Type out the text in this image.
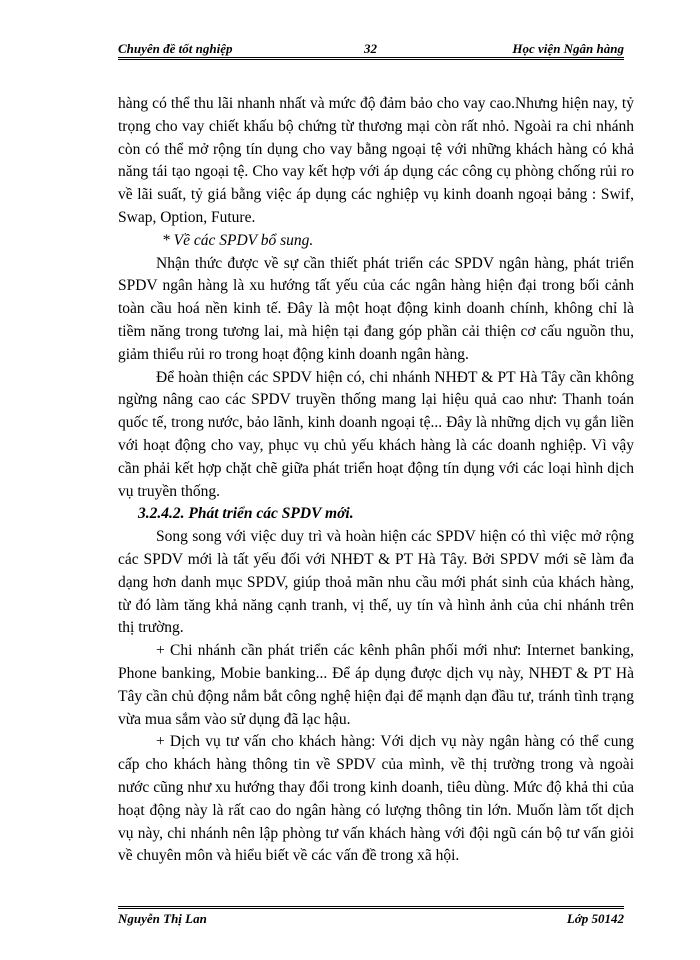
Chuyên đề tốt nghiệp	32	Học viện Ngân hàng

hàng có thể thu lãi nhanh nhất và mức độ đảm bảo cho vay cao.Nhưng hiện nay, tỷ trọng cho vay chiết khấu bộ chứng từ thương mại còn rất nhỏ. Ngoài ra chi nhánh còn có thể mở rộng tín dụng cho vay bằng ngoại tệ với những khách hàng có khả năng tái tạo ngoại tệ. Cho vay kết hợp với áp dụng các công cụ phòng chống rủi ro về lãi suất, tỷ giá bằng việc áp dụng các nghiệp vụ kinh doanh ngoại bảng : Swif, Swap, Option, Future.

* Về các SPDV bổ sung.

Nhận thức được về sự cần thiết phát triển các SPDV ngân hàng, phát triển SPDV ngân hàng là xu hướng tất yếu của các ngân hàng hiện đại trong bối cảnh toàn cầu hoá nền kinh tế. Đây là một hoạt động kinh doanh chính, không chỉ là tiềm năng trong tương lai, mà hiện tại đang góp phần cải thiện cơ cấu nguồn thu, giảm thiểu rủi ro trong hoạt động kinh doanh ngân hàng.

Để hoàn thiện các SPDV hiện có, chi nhánh NHĐT & PT Hà Tây cần không ngừng nâng cao các SPDV truyền thống mang lại hiệu quả cao như: Thanh toán quốc tế, trong nước, bảo lãnh, kinh doanh ngoại tệ... Đây là những dịch vụ gắn liền với hoạt động cho vay, phục vụ chủ yếu khách hàng là các doanh nghiệp. Vì vậy cần phải kết hợp chặt chẽ giữa phát triển hoạt động tín dụng với các loại hình dịch vụ truyền thống.

3.2.4.2. Phát triển các SPDV mới.

Song song với việc duy trì và hoàn hiện các SPDV hiện có thì việc mở rộng các SPDV mới là tất yếu đối với NHĐT & PT Hà Tây. Bởi SPDV mới sẽ làm đa dạng hơn danh mục SPDV, giúp thoả mãn nhu cầu mới phát sinh của khách hàng, từ đó làm tăng khả năng cạnh tranh, vị thế, uy tín và hình ảnh của chi nhánh trên thị trường.

+ Chi nhánh cần phát triển các kênh phân phối mới như: Internet banking, Phone banking, Mobie banking... Để áp dụng được dịch vụ này, NHĐT & PT Hà Tây cần chủ động nắm bắt công nghệ hiện đại để mạnh dạn đầu tư, tránh tình trạng vừa mua sắm vào sử dụng đã lạc hậu.

+ Dịch vụ tư vấn cho khách hàng: Với dịch vụ này ngân hàng có thể cung cấp cho khách hàng thông tin về SPDV của mình, về thị trường trong và ngoài nước cũng như xu hướng thay đổi trong kinh doanh, tiêu dùng. Mức độ khả thi của hoạt động này là rất cao do ngân hàng có lượng thông tin lớn. Muốn làm tốt dịch vụ này, chi nhánh nên lập phòng tư vấn khách hàng với đội ngũ cán bộ tư vấn giỏi về chuyên môn và hiểu biết về các vấn đề trong xã hội.

Nguyễn Thị Lan	Lớp 50142
